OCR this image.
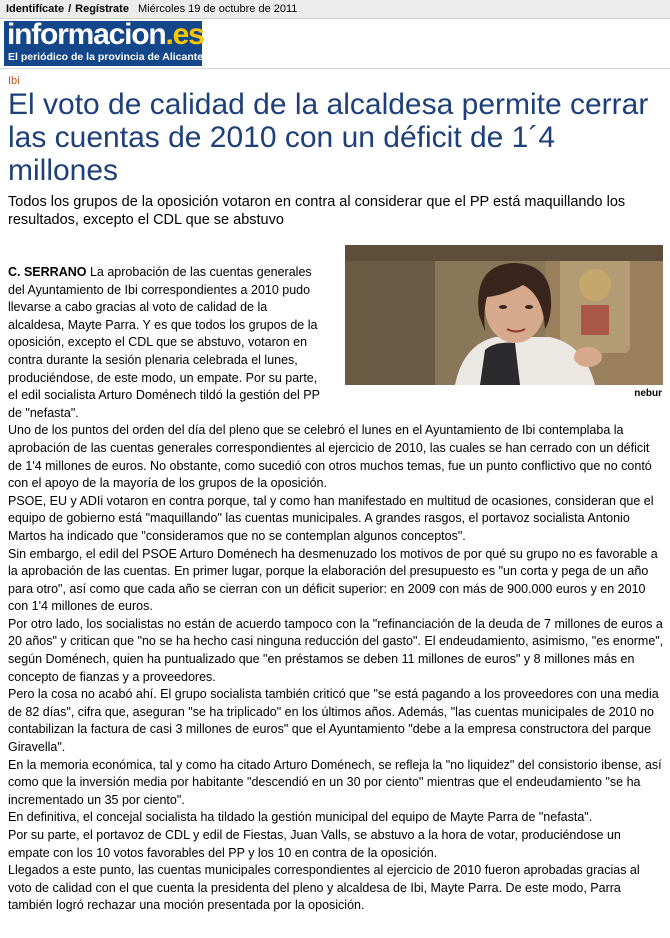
Identifícate / Regístrate Miércoles 19 de octubre de 2011
informacion.es
El periódico de la provincia de Alicante
Ibi
El voto de calidad de la alcaldesa permite cerrar las cuentas de 2010 con un déficit de 1´4 millones

Todos los grupos de la oposición votaron en contra al considerar que el PP está maquillando los resultados, excepto el CDL que se abstuvo

nebur

C. SERRANO La aprobación de las cuentas generales del Ayuntamiento de Ibi correspondientes a 2010 pudo llevarse a cabo gracias al voto de calidad de la alcaldesa, Mayte Parra. Y es que todos los grupos de la oposición, excepto el CDL que se abstuvo, votaron en contra durante la sesión plenaria celebrada el lunes, produciéndose, de este modo, un empate. Por su parte, el edil socialista Arturo Doménech tildó la gestión del PP de "nefasta".

Uno de los puntos del orden del día del pleno que se celebró el lunes en el Ayuntamiento de Ibi contemplaba la aprobación de las cuentas generales correspondientes al ejercicio de 2010, las cuales se han cerrado con un déficit de 1'4 millones de euros. No obstante, como sucedió con otros muchos temas, fue un punto conflictivo que no contó con el apoyo de la mayoría de los grupos de la oposición.

PSOE, EU y ADIi votaron en contra porque, tal y como han manifestado en multitud de ocasiones, consideran que el equipo de gobierno está "maquillando" las cuentas municipales. A grandes rasgos, el portavoz socialista Antonio Martos ha indicado que "consideramos que no se contemplan algunos conceptos".

Sin embargo, el edil del PSOE Arturo Doménech ha desmenuzado los motivos de por qué su grupo no es favorable a la aprobación de las cuentas. En primer lugar, porque la elaboración del presupuesto es "un corta y pega de un año para otro", así como que cada año se cierran con un déficit superior: en 2009 con más de 900.000 euros y en 2010 con 1'4 millones de euros.

Por otro lado, los socialistas no están de acuerdo tampoco con la "refinanciación de la deuda de 7 millones de euros a 20 años" y critican que "no se ha hecho casi ninguna reducción del gasto". El endeudamiento, asimismo, "es enorme", según Doménech, quien ha puntualizado que "en préstamos se deben 11 millones de euros" y 8 millones más en concepto de fianzas y a proveedores.

Pero la cosa no acabó ahí. El grupo socialista también criticó que "se está pagando a los proveedores con una media de 82 días", cifra que, aseguran "se ha triplicado" en los últimos años. Además, "las cuentas municipales de 2010 no contabilizan la factura de casi 3 millones de euros" que el Ayuntamiento "debe a la empresa constructora del parque Giravella".

En la memoria económica, tal y como ha citado Arturo Doménech, se refleja la "no liquidez" del consistorio ibense, así como que la inversión media por habitante "descendió en un 30 por ciento" mientras que el endeudamiento "se ha incrementado un 35 por ciento".

En definitiva, el concejal socialista ha tildado la gestión municipal del equipo de Mayte Parra de "nefasta".

Por su parte, el portavoz de CDL y edil de Fiestas, Juan Valls, se abstuvo a la hora de votar, produciéndose un empate con los 10 votos favorables del PP y los 10 en contra de la oposición.

Llegados a este punto, las cuentas municipales correspondientes al ejercicio de 2010 fueron aprobadas gracias al voto de calidad con el que cuenta la presidenta del pleno y alcaldesa de Ibi, Mayte Parra. De este modo, Parra también logró rechazar una moción presentada por la oposición.
